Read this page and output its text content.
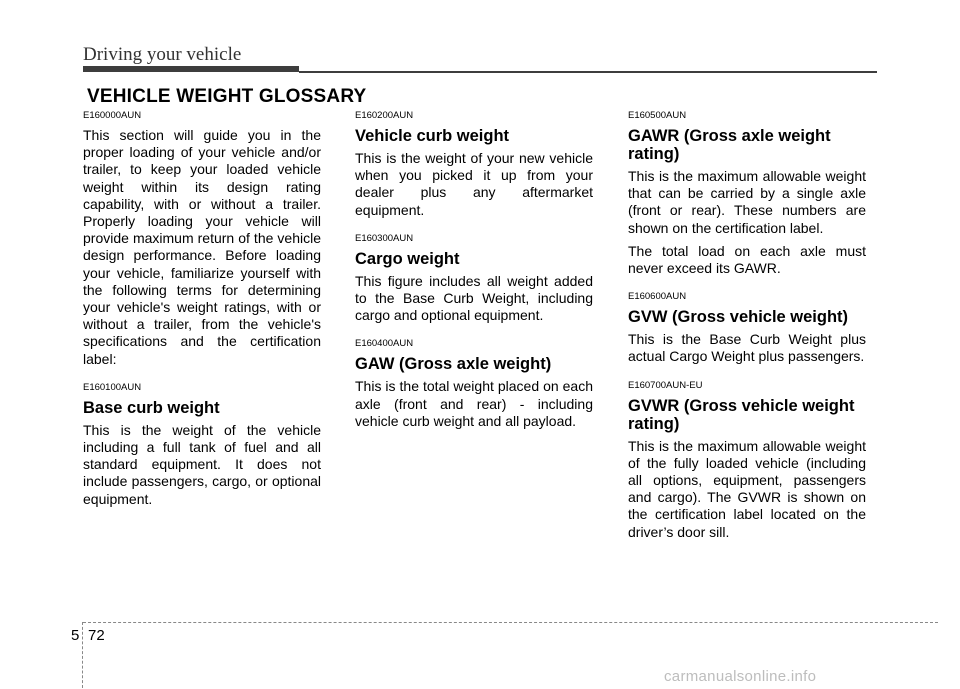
Driving your vehicle
VEHICLE WEIGHT GLOSSARY

E160000AUN

This section will guide you in the proper loading of your vehicle and/or trailer, to keep your loaded vehicle weight within its design rating capability, with or without a trailer. Properly loading your vehicle will provide maximum return of the vehicle design performance. Before loading your vehicle, familiarize yourself with the following terms for determining your vehicle's weight ratings, with or without a trailer, from the vehicle's specifications and the certification label:

E160100AUN

Base curb weight

This is the weight of the vehicle including a full tank of fuel and all standard equipment. It does not include passengers, cargo, or optional equipment.

E160200AUN

Vehicle curb weight

This is the weight of your new vehicle when you picked it up from your dealer plus any aftermarket equipment.

E160300AUN

Cargo weight

This figure includes all weight added to the Base Curb Weight, including cargo and optional equipment.

E160400AUN

GAW (Gross axle weight)

This is the total weight placed on each axle (front and rear) - including vehicle curb weight and all payload.

E160500AUN

GAWR (Gross axle weight rating)

This is the maximum allowable weight that can be carried by a single axle (front or rear). These numbers are shown on the certification label.

The total load on each axle must never exceed its GAWR.

E160600AUN

GVW (Gross vehicle weight)

This is the Base Curb Weight plus actual Cargo Weight plus passengers.

E160700AUN-EU

GVWR (Gross vehicle weight rating)

This is the maximum allowable weight of the fully loaded vehicle (including all options, equipment, passengers and cargo). The GVWR is shown on the certification label located on the driver’s door sill.

5 72
carmanualsonline.info
